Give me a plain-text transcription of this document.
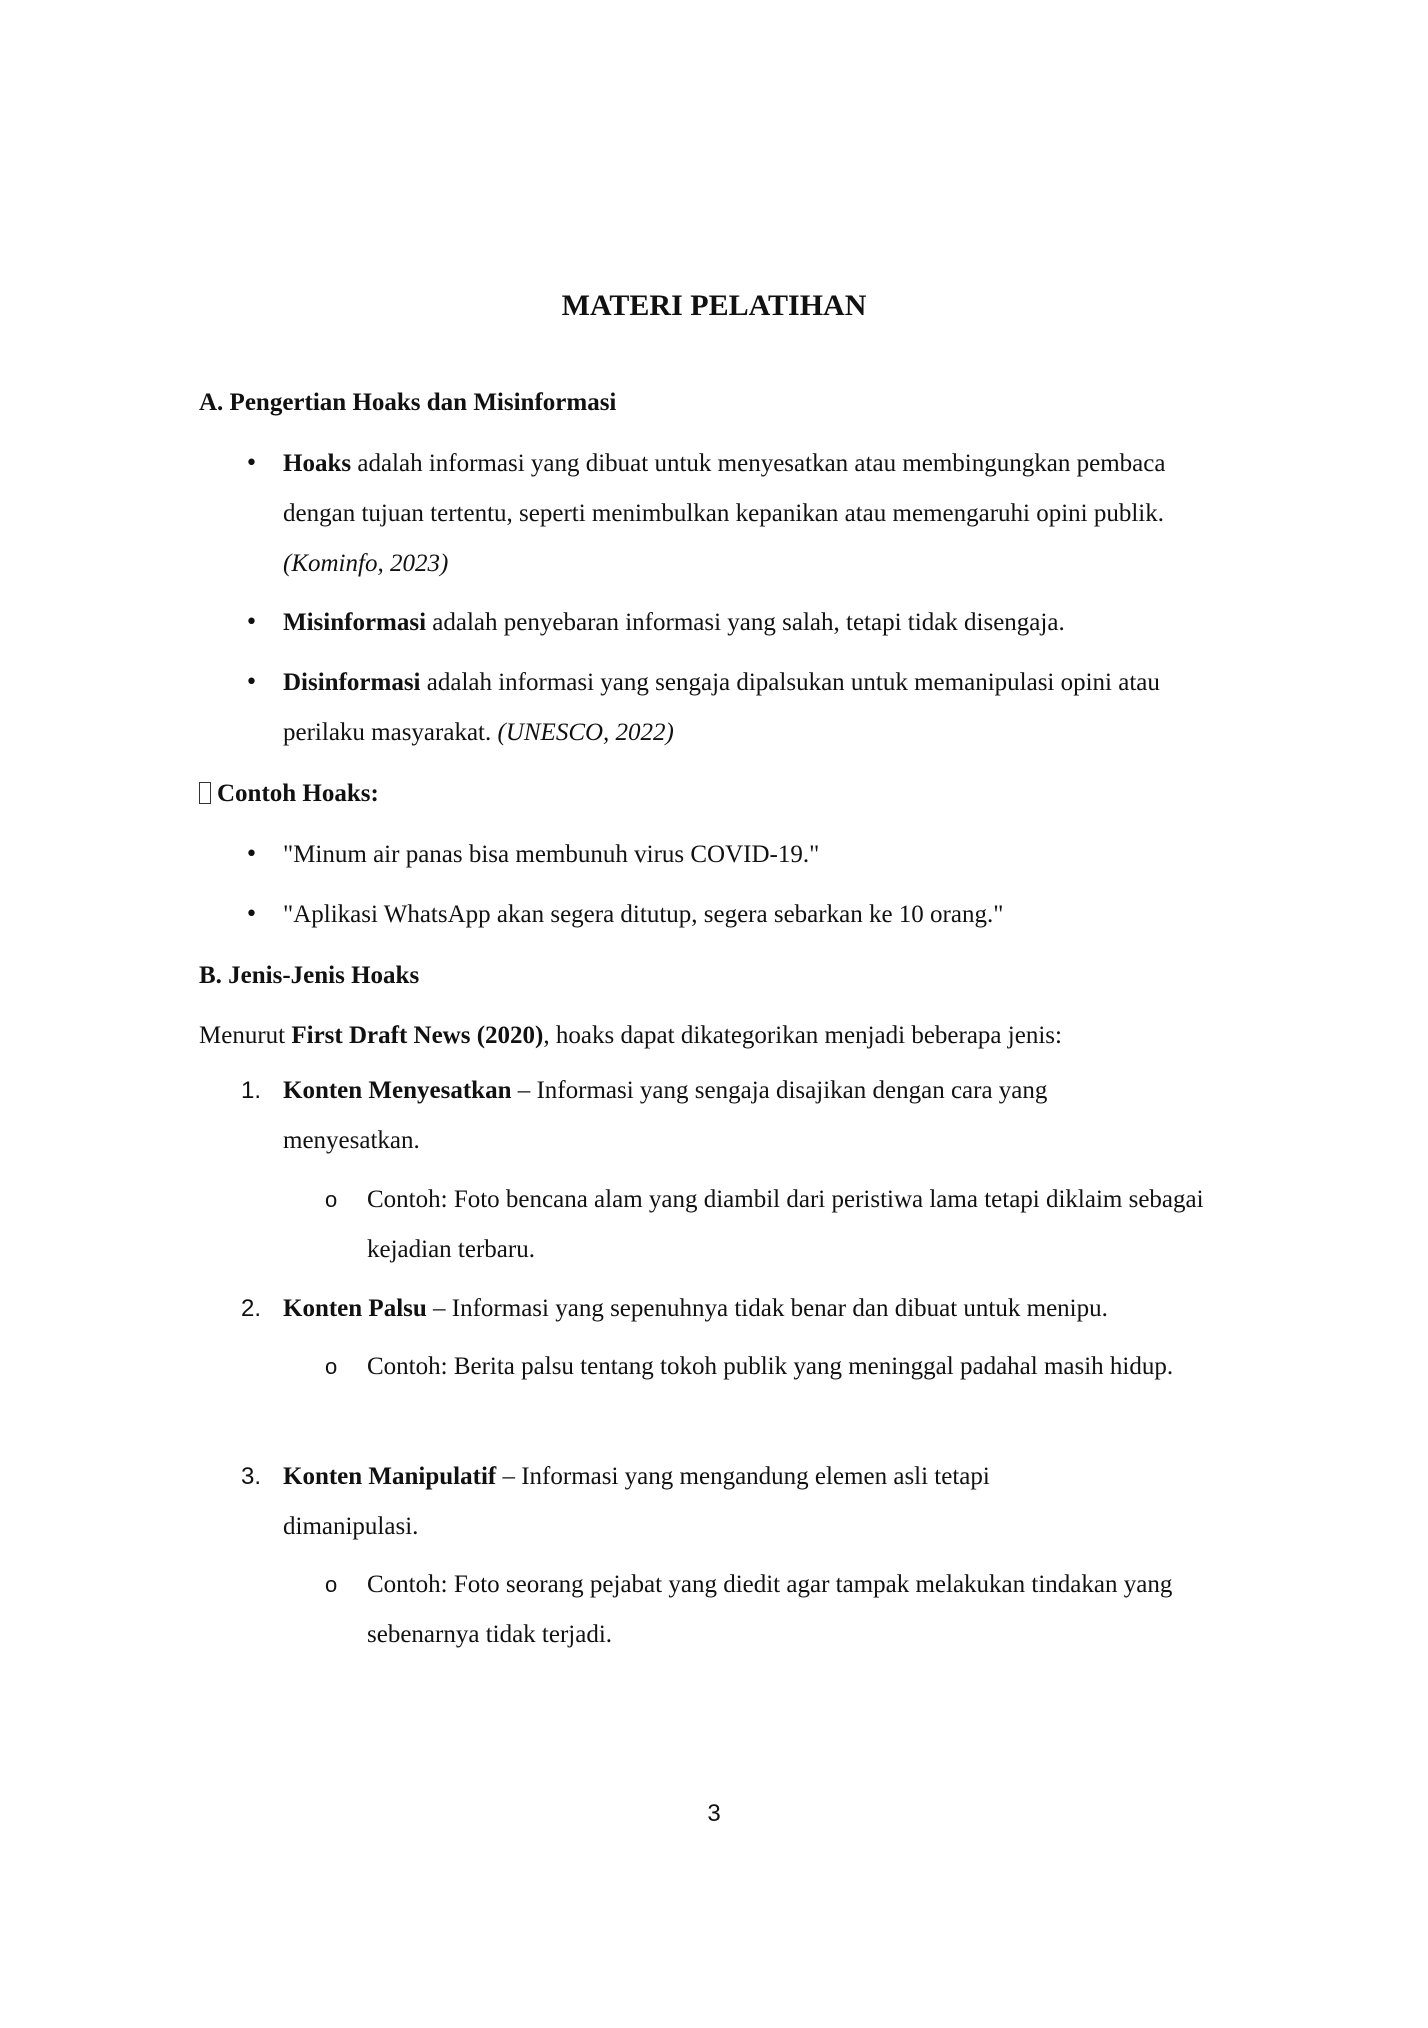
MATERI PELATIHAN
A. Pengertian Hoaks dan Misinformasi
• Hoaks adalah informasi yang dibuat untuk menyesatkan atau membingungkan pembaca dengan tujuan tertentu, seperti menimbulkan kepanikan atau memengaruhi opini publik. (Kominfo, 2023)
• Misinformasi adalah penyebaran informasi yang salah, tetapi tidak disengaja.
• Disinformasi adalah informasi yang sengaja dipalsukan untuk memanipulasi opini atau perilaku masyarakat. (UNESCO, 2022)
Contoh Hoaks:
• "Minum air panas bisa membunuh virus COVID-19."
• "Aplikasi WhatsApp akan segera ditutup, segera sebarkan ke 10 orang."
B. Jenis-Jenis Hoaks
Menurut First Draft News (2020), hoaks dapat dikategorikan menjadi beberapa jenis:
1. Konten Menyesatkan – Informasi yang sengaja disajikan dengan cara yang menyesatkan.
o Contoh: Foto bencana alam yang diambil dari peristiwa lama tetapi diklaim sebagai kejadian terbaru.
2. Konten Palsu – Informasi yang sepenuhnya tidak benar dan dibuat untuk menipu.
o Contoh: Berita palsu tentang tokoh publik yang meninggal padahal masih hidup.
3. Konten Manipulatif – Informasi yang mengandung elemen asli tetapi dimanipulasi.
o Contoh: Foto seorang pejabat yang diedit agar tampak melakukan tindakan yang sebenarnya tidak terjadi.
3
